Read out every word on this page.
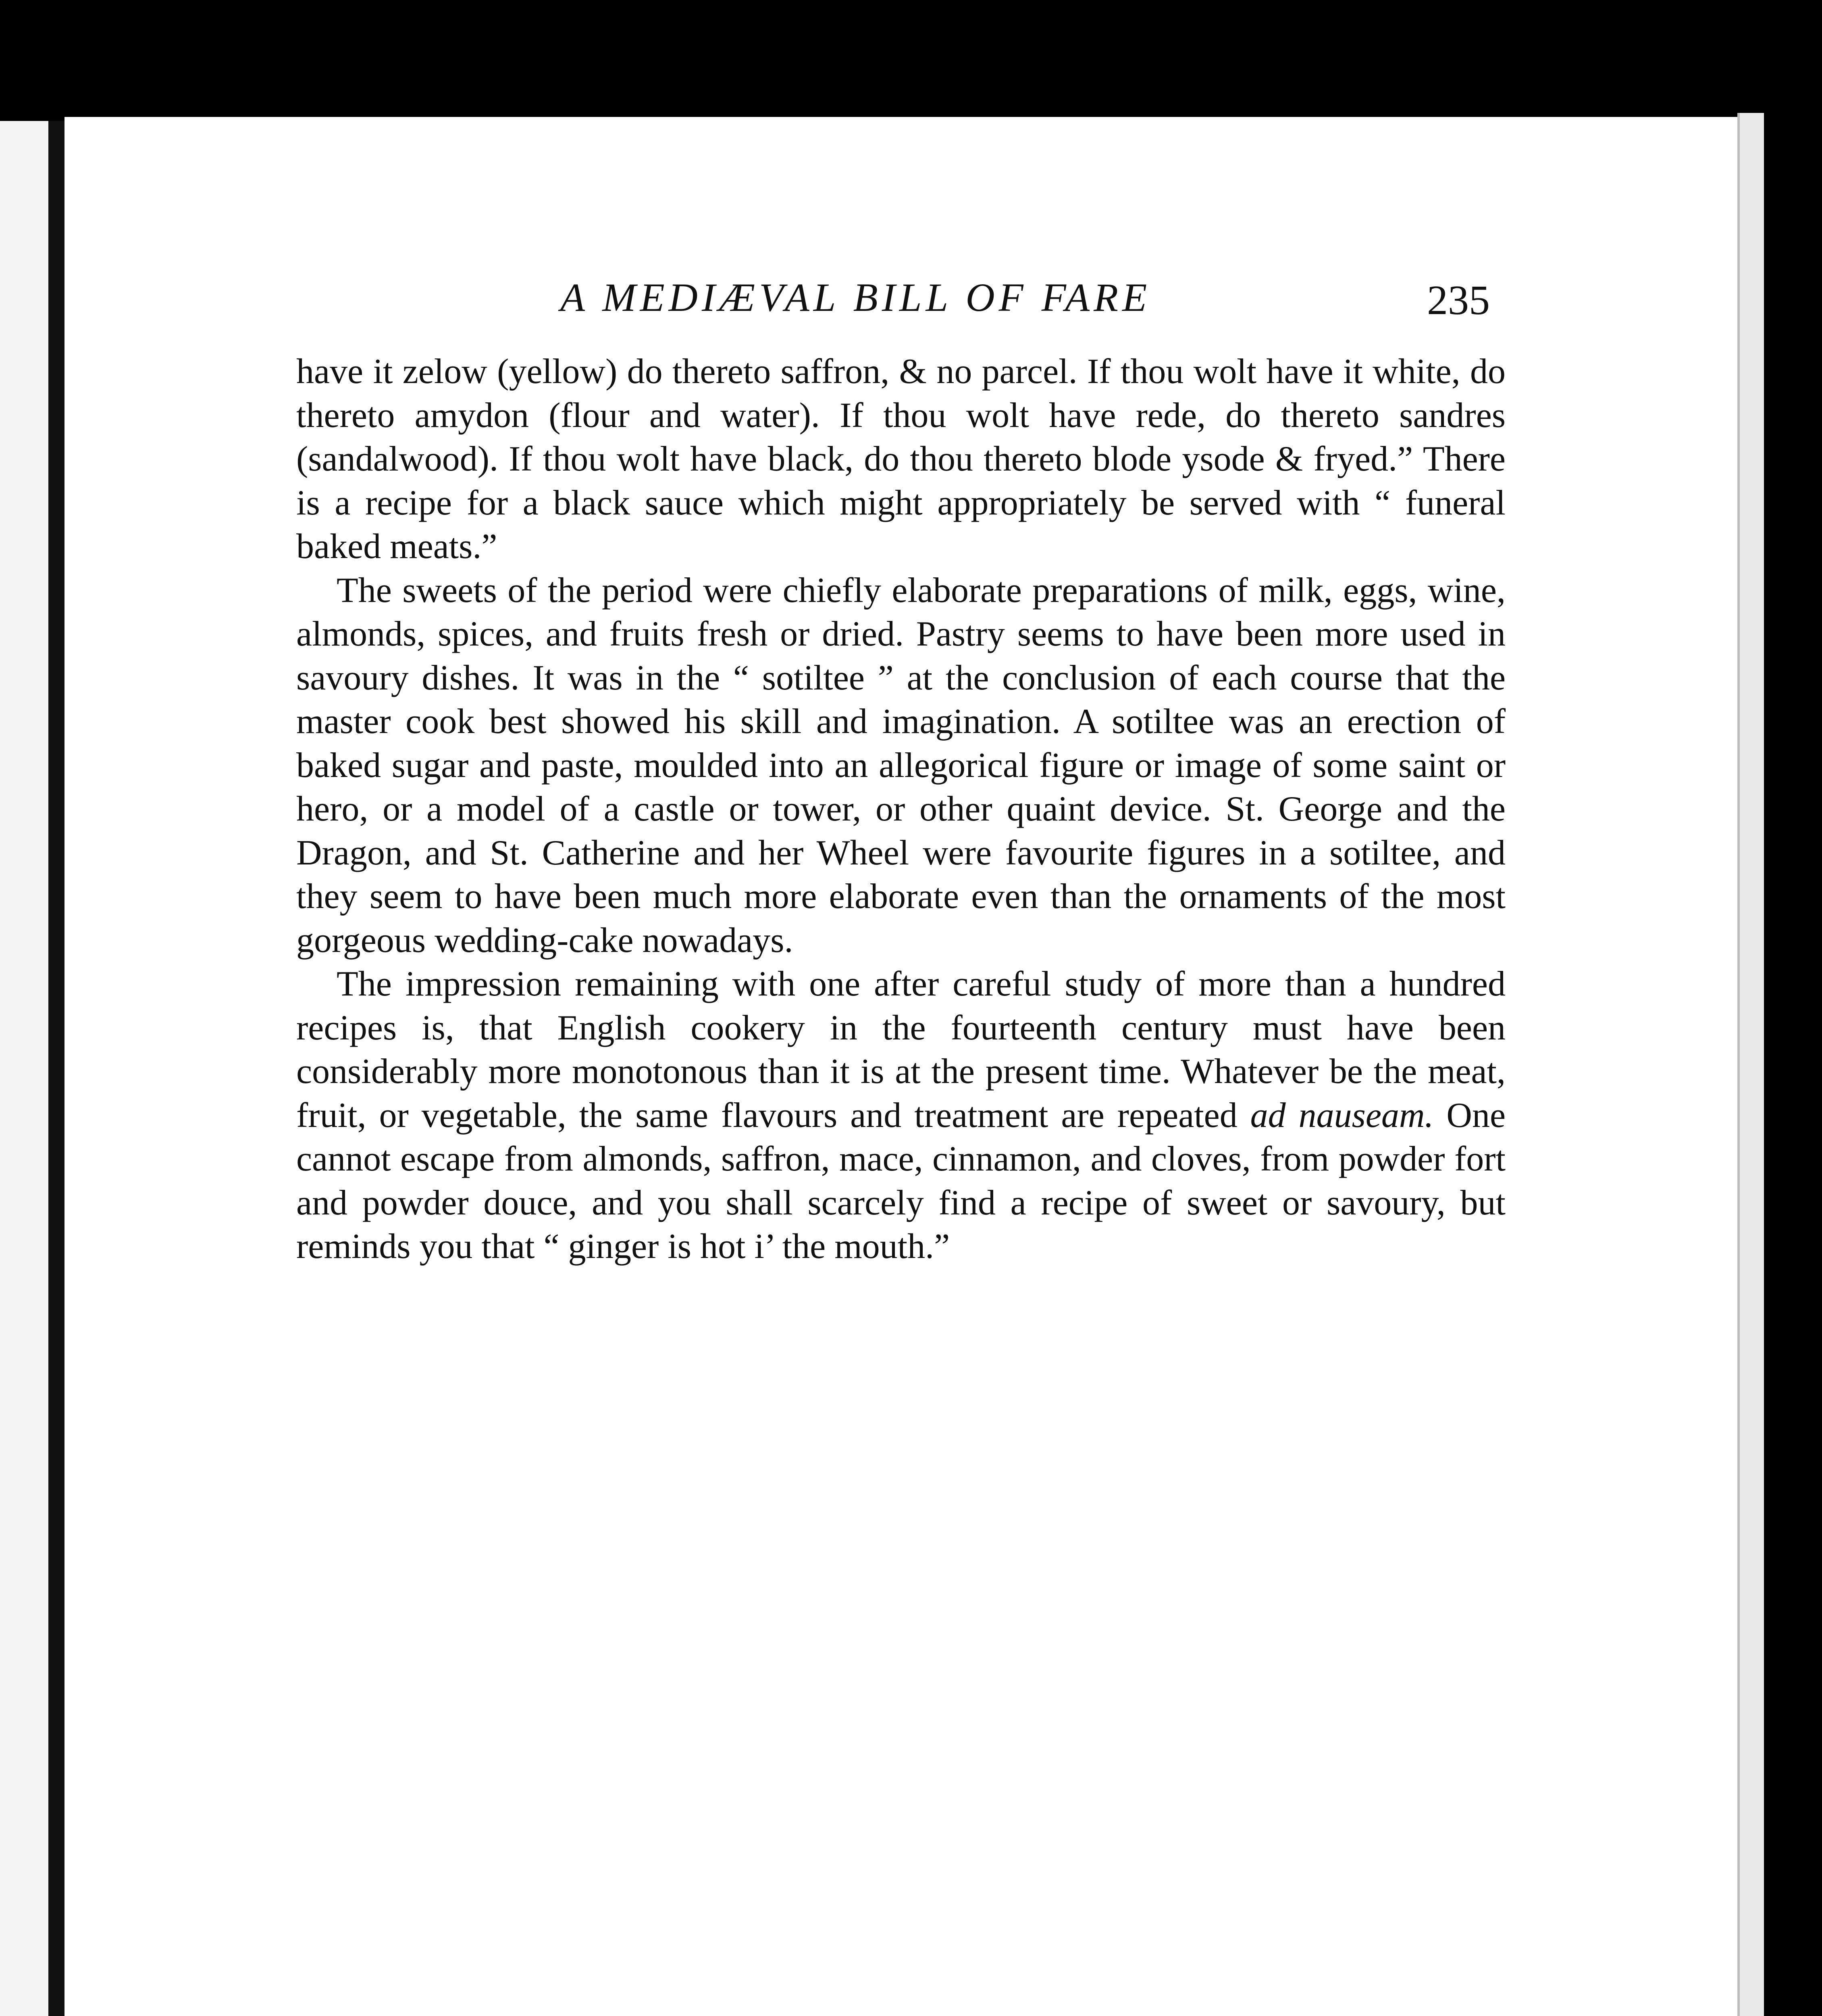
A MEDIÆVAL BILL OF FARE	235

have it zelow (yellow) do thereto saffron, & no parcel. If thou wolt have it white, do thereto amydon (flour and water). If thou wolt have rede, do thereto sandres (sandalwood). If thou wolt have black, do thou thereto blode ysode & fryed.” There is a recipe for a black sauce which might appropriately be served with “ funeral baked meats.”

The sweets of the period were chiefly elaborate preparations of milk, eggs, wine, almonds, spices, and fruits fresh or dried. Pastry seems to have been more used in savoury dishes. It was in the “ sotiltee ” at the conclusion of each course that the master cook best showed his skill and imagination. A sotiltee was an erection of baked sugar and paste, moulded into an allegorical figure or image of some saint or hero, or a model of a castle or tower, or other quaint device. St. George and the Dragon, and St. Catherine and her Wheel were favourite figures in a sotiltee, and they seem to have been much more elaborate even than the ornaments of the most gorgeous wedding-cake nowadays.

The impression remaining with one after careful study of more than a hundred recipes is, that English cookery in the fourteenth century must have been considerably more monotonous than it is at the present time. Whatever be the meat, fruit, or vegetable, the same flavours and treatment are repeated ad nauseam. One cannot escape from almonds, saffron, mace, cinnamon, and cloves, from powder fort and powder douce, and you shall scarcely find a recipe of sweet or savoury, but reminds you that “ ginger is hot i’ the mouth.”
